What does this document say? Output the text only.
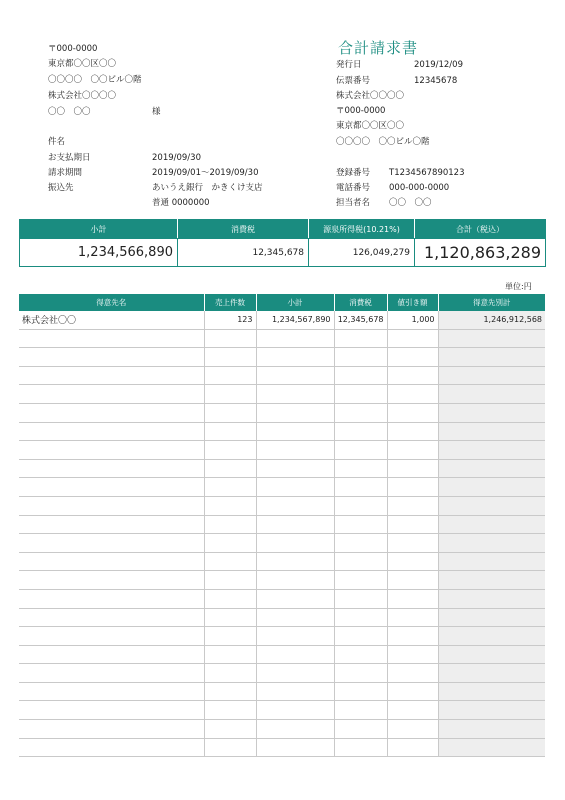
〒000-0000
東京都〇〇区〇〇
〇〇〇〇　〇〇ビル〇階
株式会社〇〇〇〇
〇〇　〇〇	様
件名
お支払期日	2019/09/30
請求期間	2019/09/01～2019/09/30
振込先	あいうえ銀行　かきくけ支店
普通 0000000
合計請求書
発行日	2019/12/09
伝票番号	12345678
株式会社〇〇〇〇
〒000-0000
東京都〇〇区〇〇
〇〇〇〇　〇〇ビル〇階
登録番号 T1234567890123
電話番号 000-000-0000
担当者名 〇〇　〇〇
小計	消費税	源泉所得税(10.21%)	合計（税込）
1,234,566,890	12,345,678	126,049,279	1,120,863,289
単位:円
得意先名	売上件数	小計	消費税	値引き額	得意先別計
株式会社〇〇	123	1,234,567,890	12,345,678	1,000	1,246,912,568
